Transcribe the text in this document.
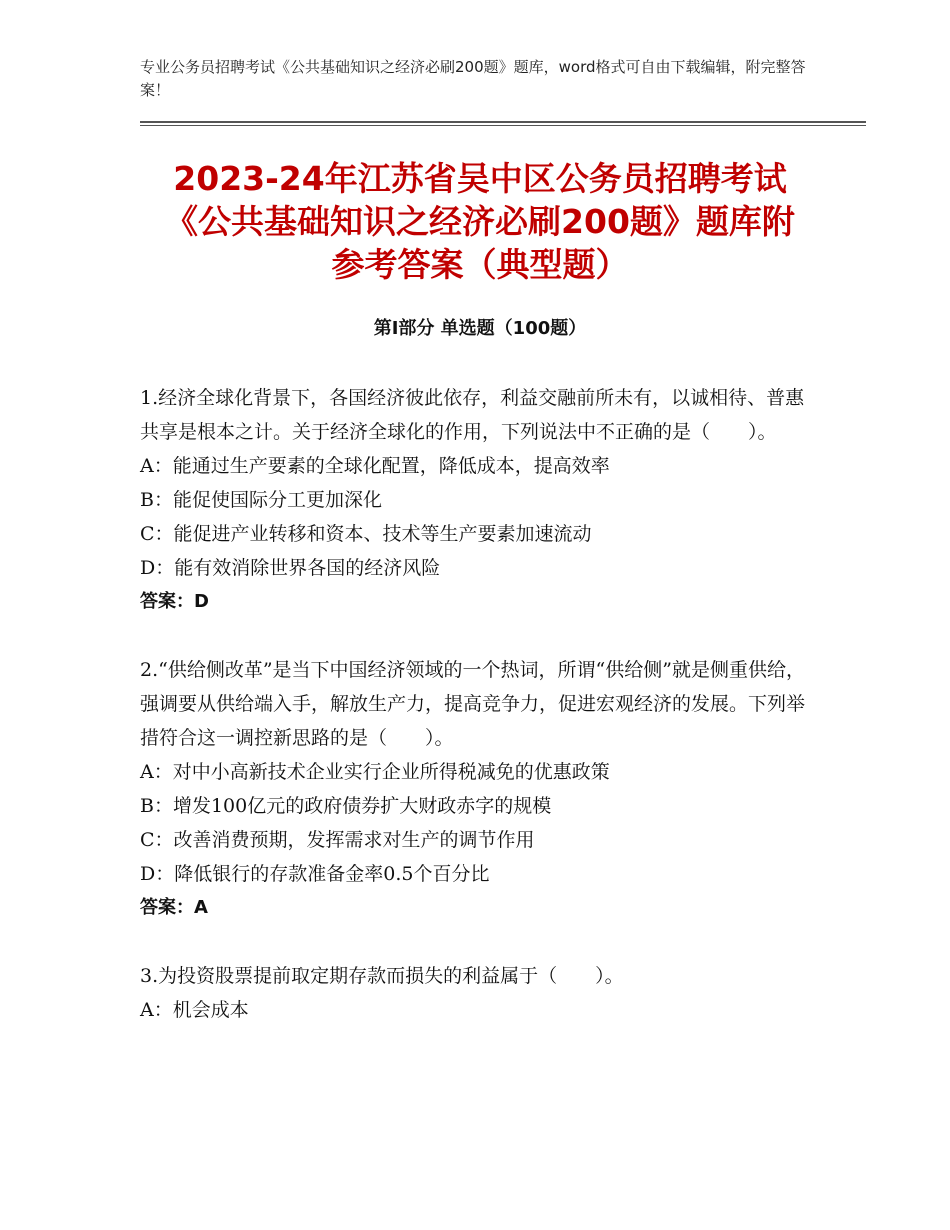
专业公务员招聘考试《公共基础知识之经济必刷200题》题库，word格式可自由下载编辑，附完整答案！
2023-24年江苏省吴中区公务员招聘考试
《公共基础知识之经济必刷200题》题库附
参考答案（典型题）
第Ⅰ部分 单选题（100题）

1.经济全球化背景下，各国经济彼此依存，利益交融前所未有，以诚相待、普惠共享是根本之计。关于经济全球化的作用，下列说法中不正确的是（　　）。

A：能通过生产要素的全球化配置，降低成本，提高效率

B：能促使国际分工更加深化

C：能促进产业转移和资本、技术等生产要素加速流动

D：能有效消除世界各国的经济风险

答案：D

2.“供给侧改革”是当下中国经济领域的一个热词，所谓“供给侧”就是侧重供给，强调要从供给端入手，解放生产力，提高竞争力，促进宏观经济的发展。下列举措符合这一调控新思路的是（　　）。

A：对中小高新技术企业实行企业所得税减免的优惠政策

B：增发100亿元的政府债券扩大财政赤字的规模

C：改善消费预期，发挥需求对生产的调节作用

D：降低银行的存款准备金率0.5个百分比

答案：A

3.为投资股票提前取定期存款而损失的利益属于（　　）。

A：机会成本
